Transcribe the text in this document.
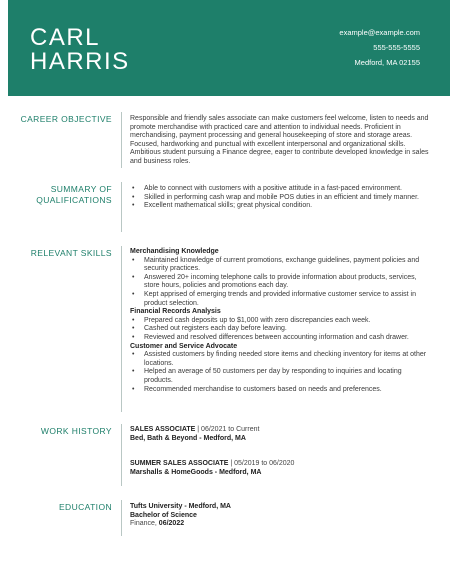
CARL
HARRIS
example@example.com
555-555-5555
Medford, MA 02155
CAREER OBJECTIVE	Responsible and friendly sales associate can make customers feel welcome, listen to needs and promote merchandise with practiced care and attention to individual needs. Proficient in merchandising, payment processing and general housekeeping of store and storage areas. Focused, hardworking and punctual with excellent interpersonal and organizational skills. Ambitious student pursuing a Finance degree, eager to contribute developed knowledge in sales and business roles.

SUMMARY OF
QUALIFICATIONS
• Able to connect with customers with a positive attitude in a fast-paced environment.
• Skilled in performing cash wrap and mobile POS duties in an efficient and timely manner.
• Excellent mathematical skills; great physical condition.
RELEVANT SKILLS	Merchandising Knowledge
• Maintained knowledge of current promotions, exchange guidelines, payment policies and security practices.
• Answered 20+ incoming telephone calls to provide information about products, services, store hours, policies and promotions each day.
• Kept apprised of emerging trends and provided informative customer service to assist in product selection.
Financial Records Analysis
• Prepared cash deposits up to $1,000 with zero discrepancies each week.
• Cashed out registers each day before leaving.
• Reviewed and resolved differences between accounting information and cash drawer.
Customer and Service Advocate
• Assisted customers by finding needed store items and checking inventory for items at other locations.
• Helped an average of 50 customers per day by responding to inquiries and locating products.
• Recommended merchandise to customers based on needs and preferences.
WORK HISTORY	SALES ASSOCIATE | 06/2021 to Current
Bed, Bath & Beyond - Medford, MA
SUMMER SALES ASSOCIATE | 05/2019 to 06/2020
Marshalls & HomeGoods - Medford, MA
EDUCATION	Tufts University - Medford, MA
Bachelor of Science
Finance, 06/2022
